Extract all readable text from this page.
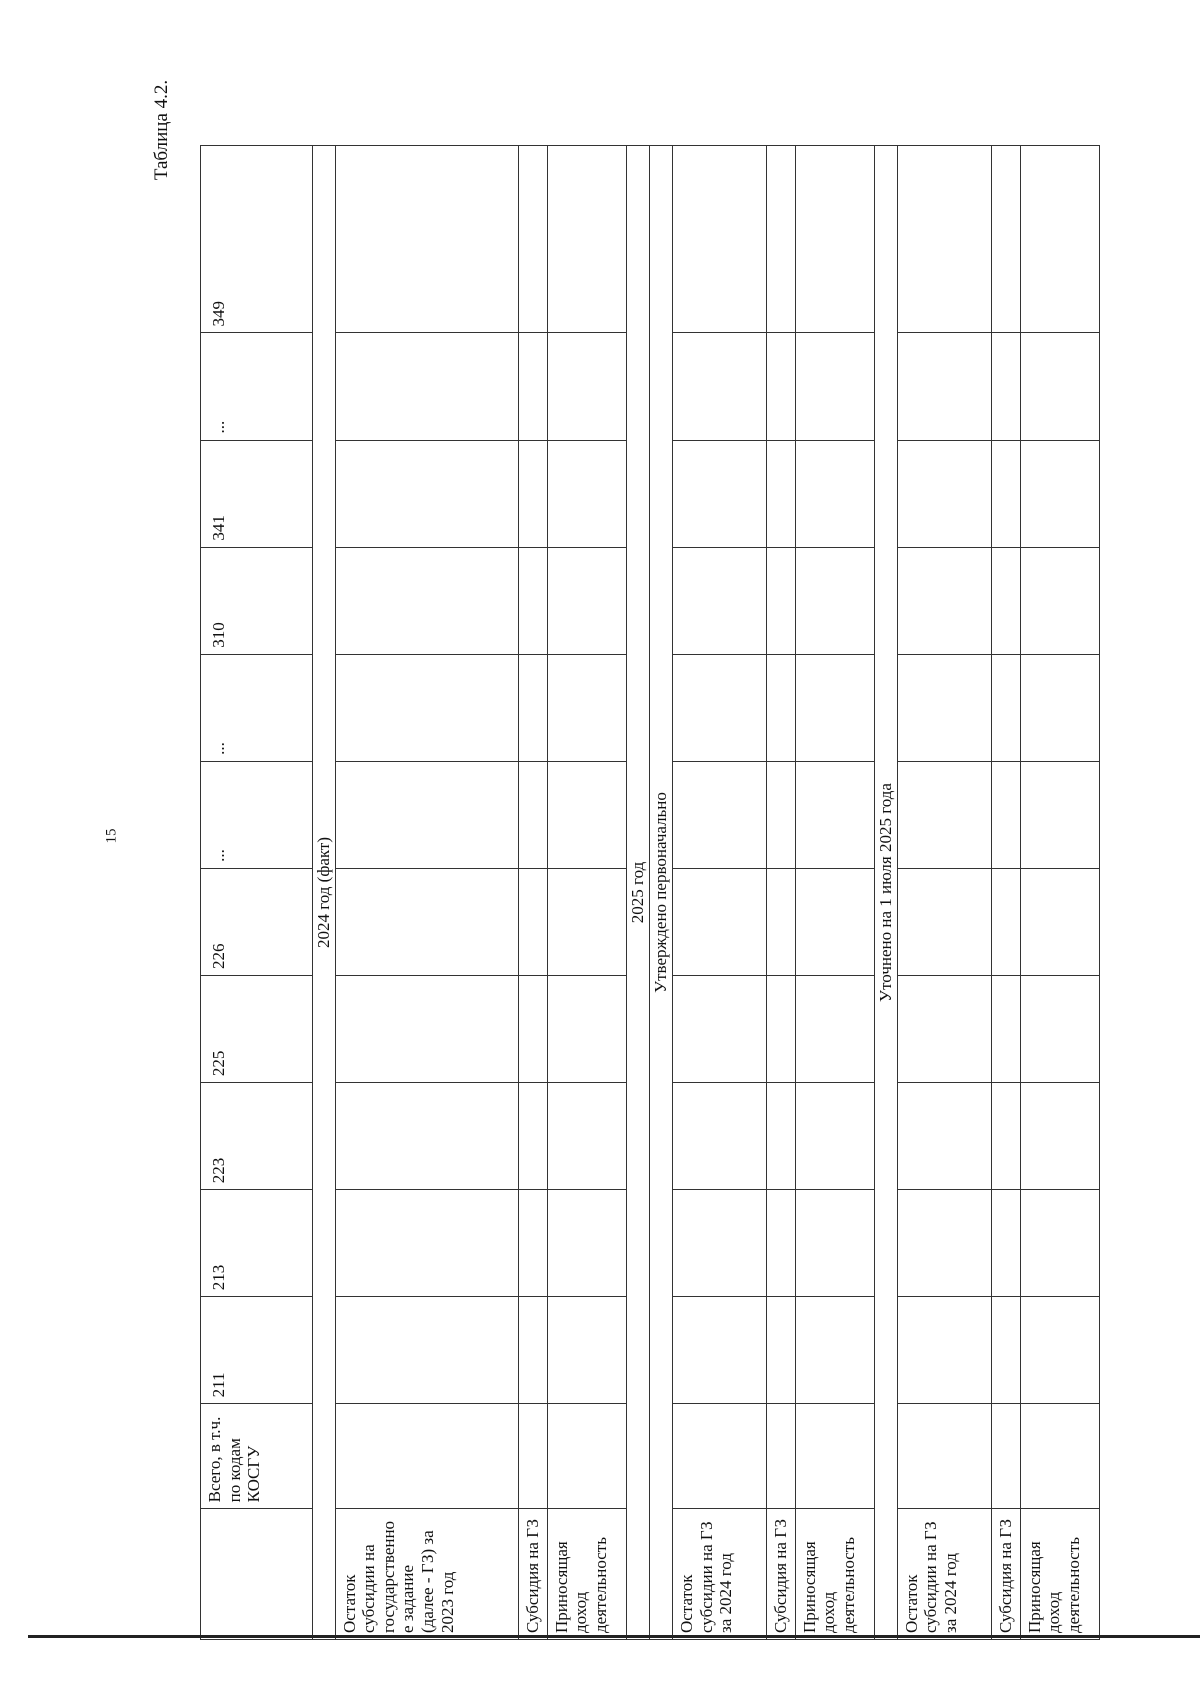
15
Таблица 4.2.
	Всего, в т.ч. по кодам КОСГУ	211	213	223	225	226	...	...	310	341	...	349
2024 год (факт)												
Остаток субсидии на государственное задание (далее - ГЗ) за 2023 год												
Субсидия на ГЗ												
Приносящая доход деятельность												
2025 год												
Утверждено первоначально												
Остаток субсидии на ГЗ за 2024 год												
Субсидия на ГЗ												
Приносящая доход деятельность												
Уточнено на 1 июля 2025 года												
Остаток субсидии на ГЗ за 2024 год												
Субсидия на ГЗ												
Приносящая доход деятельность												
